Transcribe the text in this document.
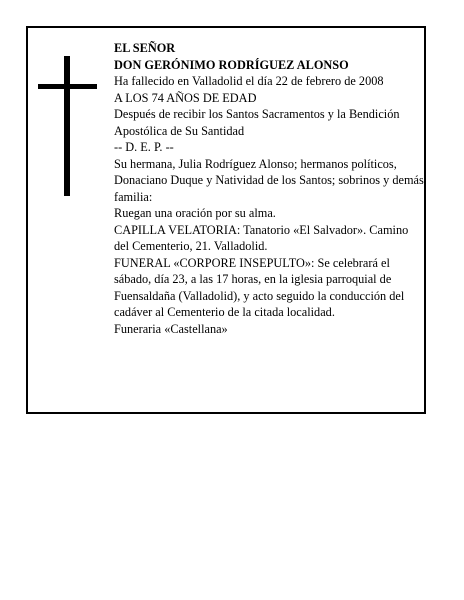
EL SEÑOR
DON GERÓNIMO RODRÍGUEZ ALONSO
Ha fallecido en Valladolid el día 22 de febrero de 2008
A LOS 74 AÑOS DE EDAD
Después de recibir los Santos Sacramentos y la Bendición Apostólica de Su Santidad
-- D. E. P. --
Su hermana, Julia Rodríguez Alonso; hermanos políticos, Donaciano Duque y Natividad de los Santos; sobrinos y demás familia:
Ruegan una oración por su alma.
CAPILLA VELATORIA: Tanatorio «El Salvador». Camino del Cementerio, 21. Valladolid.
FUNERAL «CORPORE INSEPULTO»: Se celebrará el sábado, día 23, a las 17 horas, en la iglesia parroquial de Fuensaldaña (Valladolid), y acto seguido la conducción del cadáver al Cementerio de la citada localidad.
Funeraria «Castellana»
